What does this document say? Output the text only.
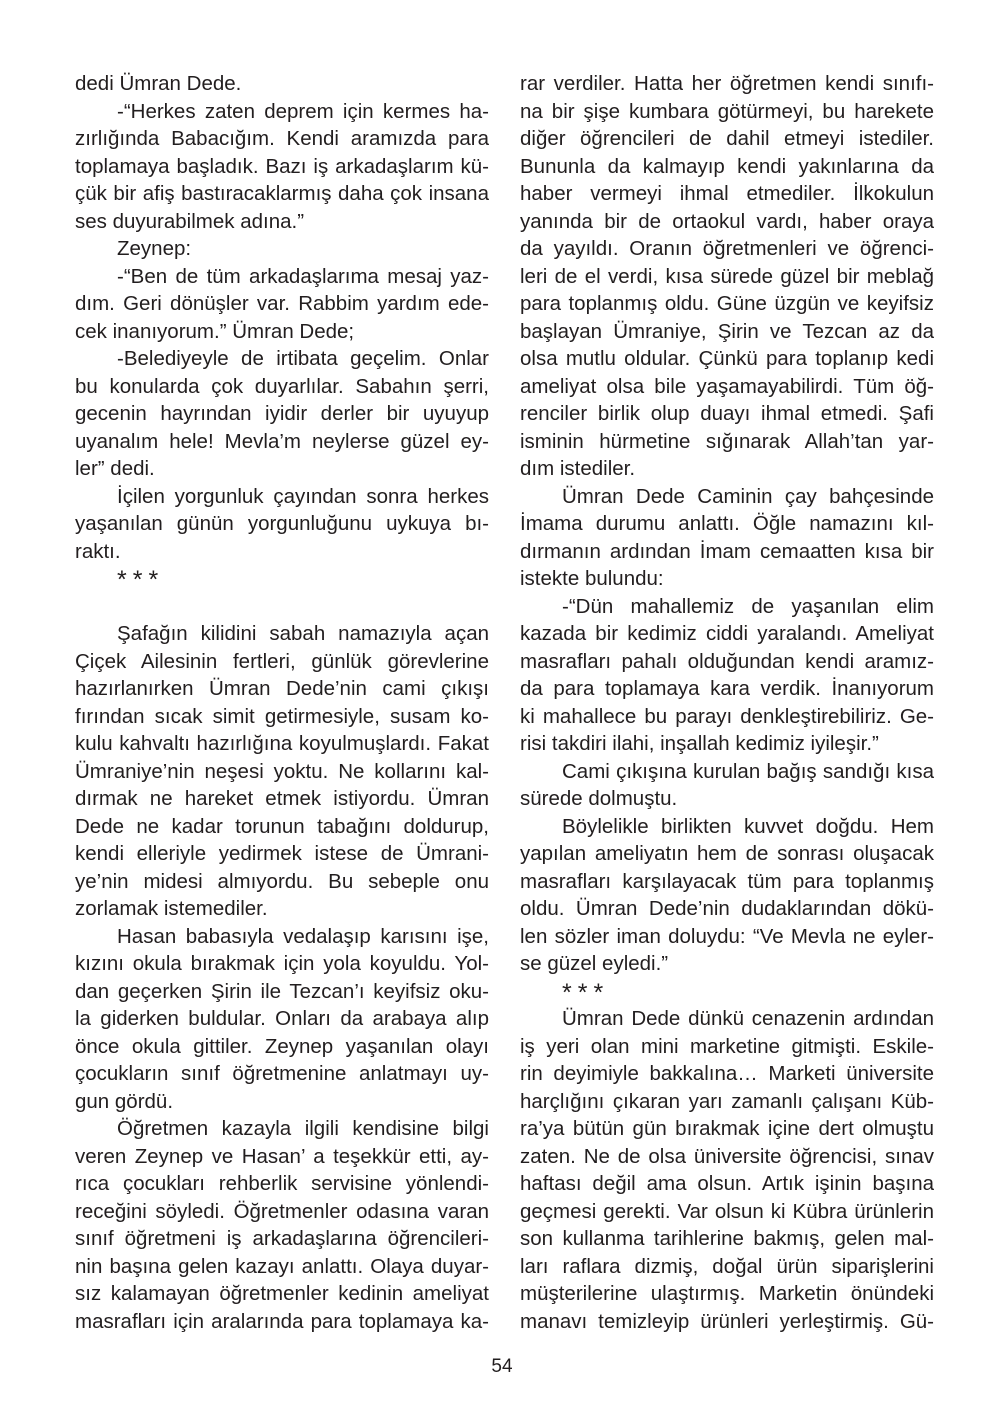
dedi Ümran Dede.
-“Herkes zaten deprem için kermes ha-
zırlığında Babacığım. Kendi aramızda para
toplamaya başladık. Bazı iş arkadaşlarım kü-
çük bir afiş bastıracaklarmış daha çok insana
ses duyurabilmek adına.”
Zeynep:
-“Ben de tüm arkadaşlarıma mesaj yaz-
dım. Geri dönüşler var. Rabbim yardım ede-
cek inanıyorum.” Ümran Dede;
-Belediyeyle de irtibata geçelim. Onlar
bu konularda çok duyarlılar. Sabahın şerri,
gecenin hayrından iyidir derler bir uyuyup
uyanalım hele! Mevla’m neylerse güzel ey-
ler” dedi.
İçilen yorgunluk çayından sonra herkes
yaşanılan günün yorgunluğunu uykuya bı-
raktı.
***
Şafağın kilidini sabah namazıyla açan
Çiçek Ailesinin fertleri, günlük görevlerine
hazırlanırken Ümran Dede’nin cami çıkışı
fırından sıcak simit getirmesiyle, susam ko-
kulu kahvaltı hazırlığına koyulmuşlardı. Fakat
Ümraniye’nin neşesi yoktu. Ne kollarını kal-
dırmak ne hareket etmek istiyordu. Ümran
Dede ne kadar torunun tabağını doldurup,
kendi elleriyle yedirmek istese de Ümrani-
ye’nin midesi almıyordu. Bu sebeple onu
zorlamak istemediler.
Hasan babasıyla vedalaşıp karısını işe,
kızını okula bırakmak için yola koyuldu. Yol-
dan geçerken Şirin ile Tezcan’ı keyifsiz oku-
la giderken buldular. Onları da arabaya alıp
önce okula gittiler. Zeynep yaşanılan olayı
çocukların sınıf öğretmenine anlatmayı uy-
gun gördü.
Öğretmen kazayla ilgili kendisine bilgi
veren Zeynep ve Hasan’ a teşekkür etti, ay-
rıca çocukları rehberlik servisine yönlendi-
receğini söyledi. Öğretmenler odasına varan
sınıf öğretmeni iş arkadaşlarına öğrencileri-
nin başına gelen kazayı anlattı. Olaya duyar-
sız kalamayan öğretmenler kedinin ameliyat
masrafları için aralarında para toplamaya ka-
rar verdiler. Hatta her öğretmen kendi sınıfı-
na bir şişe kumbara götürmeyi, bu harekete
diğer öğrencileri de dahil etmeyi istediler.
Bununla da kalmayıp kendi yakınlarına da
haber vermeyi ihmal etmediler. İlkokulun
yanında bir de ortaokul vardı, haber oraya
da yayıldı. Oranın öğretmenleri ve öğrenci-
leri de el verdi, kısa sürede güzel bir meblağ
para toplanmış oldu. Güne üzgün ve keyifsiz
başlayan Ümraniye, Şirin ve Tezcan az da
olsa mutlu oldular. Çünkü para toplanıp kedi
ameliyat olsa bile yaşamayabilirdi. Tüm öğ-
renciler birlik olup duayı ihmal etmedi. Şafi
isminin hürmetine sığınarak Allah’tan yar-
dım istediler.
Ümran Dede Caminin çay bahçesinde
İmama durumu anlattı. Öğle namazını kıl-
dırmanın ardından İmam cemaatten kısa bir
istekte bulundu:
-“Dün mahallemiz de yaşanılan elim
kazada bir kedimiz ciddi yaralandı. Ameliyat
masrafları pahalı olduğundan kendi aramız-
da para toplamaya kara verdik. İnanıyorum
ki mahallece bu parayı denkleştirebiliriz. Ge-
risi takdiri ilahi, inşallah kedimiz iyileşir.”
Cami çıkışına kurulan bağış sandığı kısa
sürede dolmuştu.
Böylelikle birlikten kuvvet doğdu. Hem
yapılan ameliyatın hem de sonrası oluşacak
masrafları karşılayacak tüm para toplanmış
oldu. Ümran Dede’nin dudaklarından dökü-
len sözler iman doluydu: “Ve Mevla ne eyler-
se güzel eyledi.”
***
Ümran Dede dünkü cenazenin ardından
iş yeri olan mini marketine gitmişti. Eskile-
rin deyimiyle bakkalına… Marketi üniversite
harçlığını çıkaran yarı zamanlı çalışanı Küb-
ra’ya bütün gün bırakmak içine dert olmuştu
zaten. Ne de olsa üniversite öğrencisi, sınav
haftası değil ama olsun. Artık işinin başına
geçmesi gerekti. Var olsun ki Kübra ürünlerin
son kullanma tarihlerine bakmış, gelen mal-
ları raflara dizmiş, doğal ürün siparişlerini
müşterilerine ulaştırmış. Marketin önündeki
manavı temizleyip ürünleri yerleştirmiş. Gü-
54
